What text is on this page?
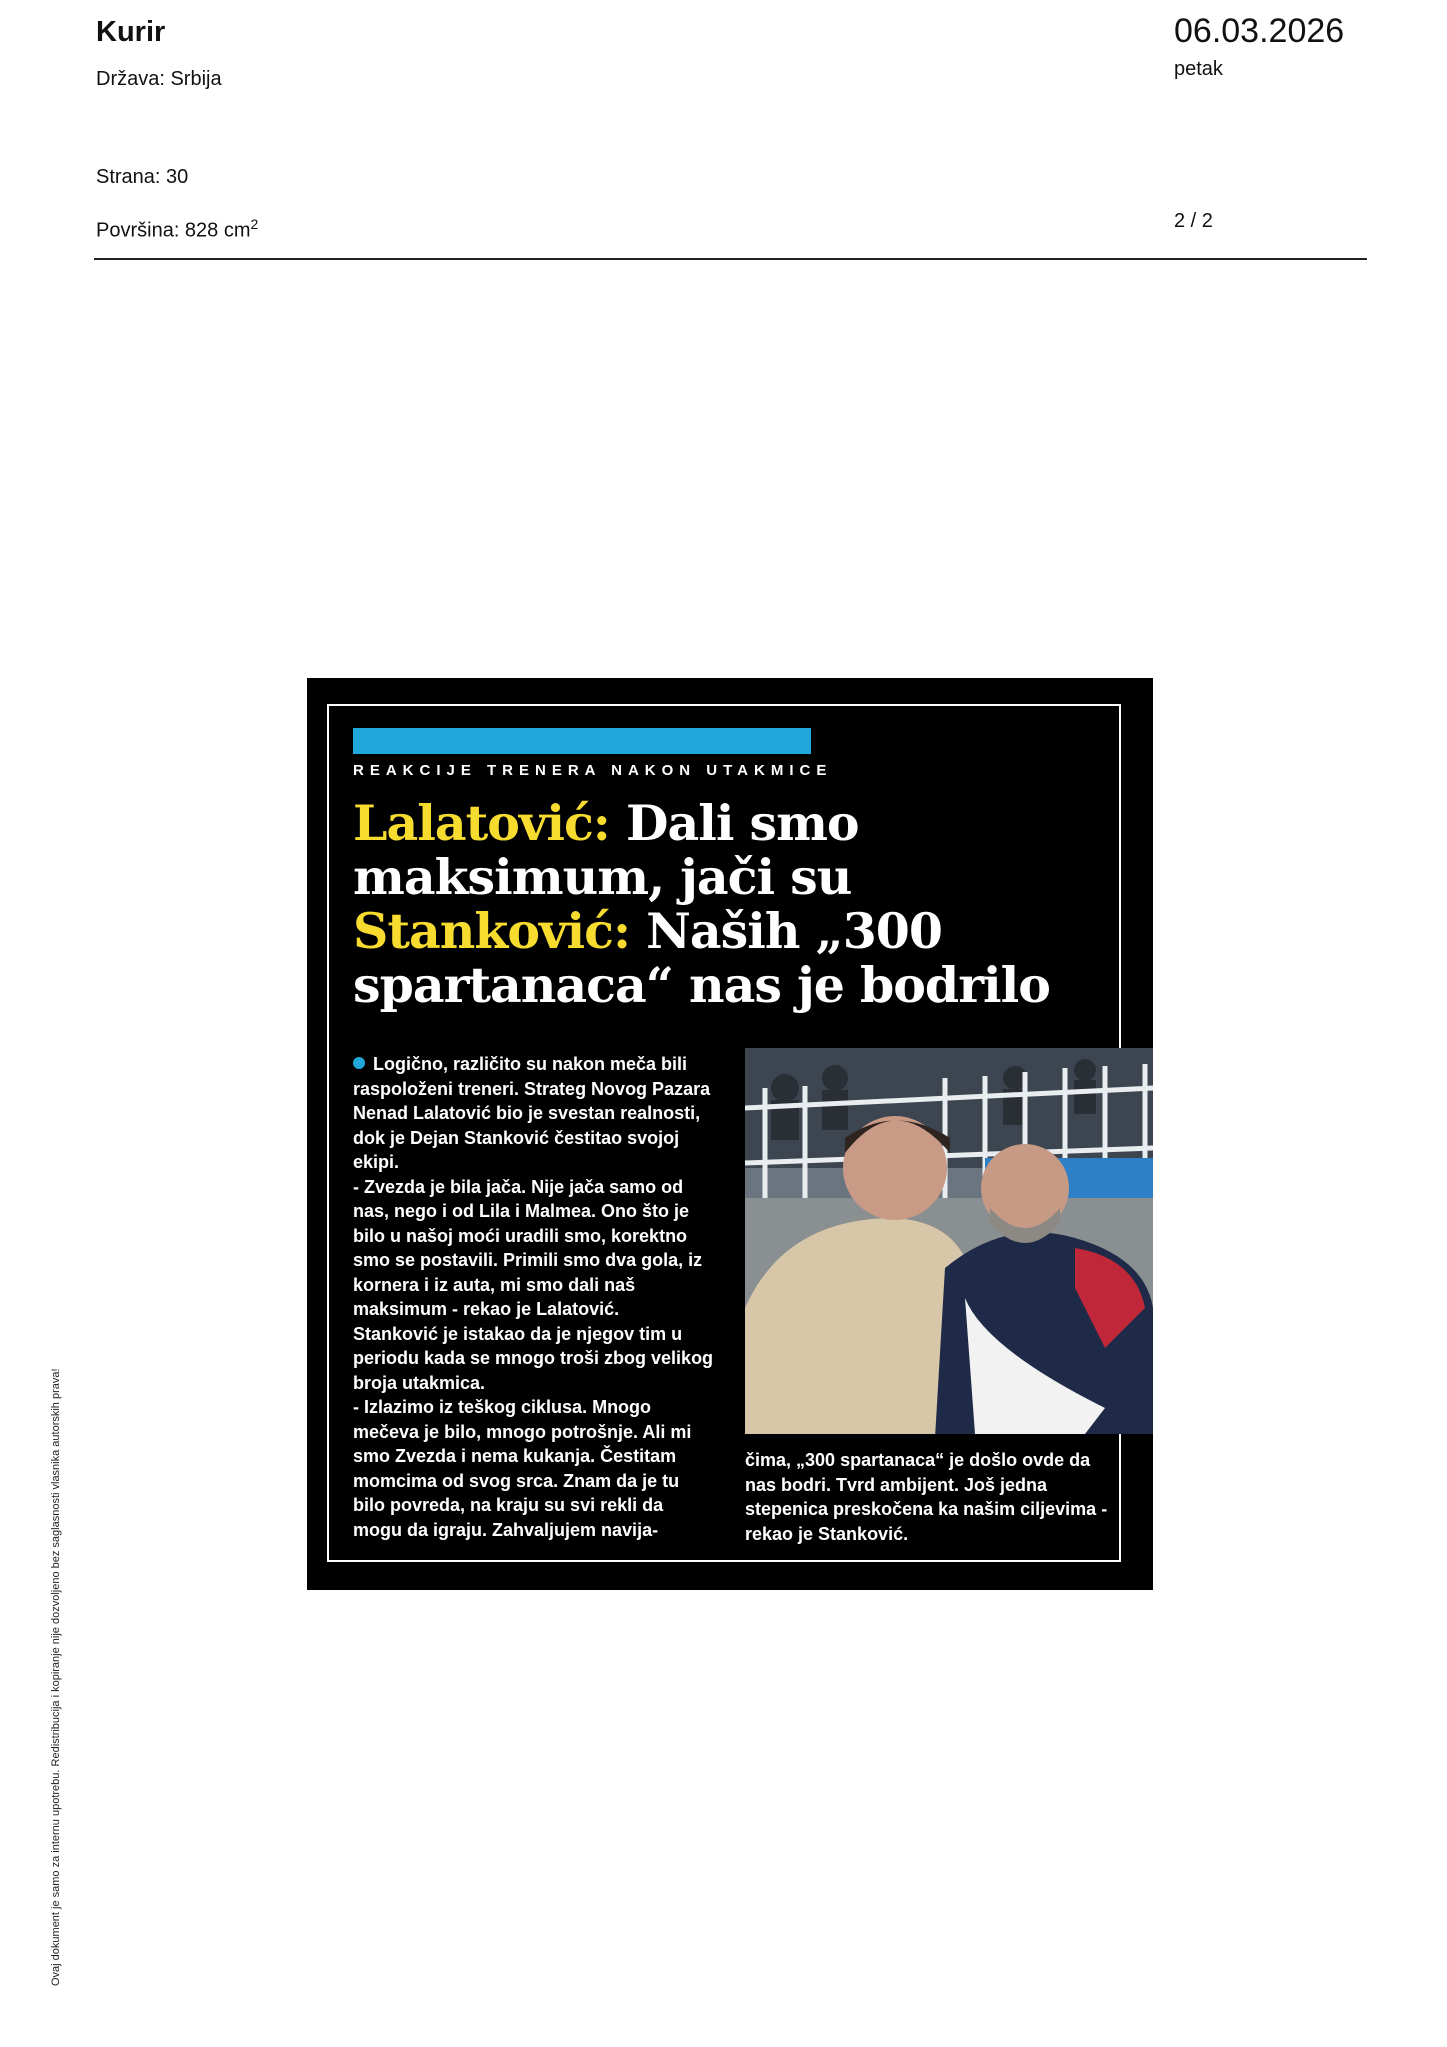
Kurir
Država: Srbija
06.03.2026
petak
Strana: 30
Površina: 828 $cm^2$	2 / 2
Ovaj dokument je samo za internu upotrebu. Redistribucija i kopiranje nije dozvoljeno bez saglasnosti vlasnika autorskih prava!
REAKCIJE TRENERA NAKON UTAKMICE
Lalatović: Dali smo maksimum, jači su Stanković: Naših „300 spartanaca“ nas je bodrilo

Logično, različito su nakon meča bili raspoloženi treneri. Strateg Novog Pazara Nenad Lalatović bio je svestan realnosti, dok je Dejan Stanković čestitao svojoj ekipi.

- Zvezda je bila jača. Nije jača samo od nas, nego i od Lila i Malmea. Ono što je bilo u našoj moći uradili smo, korektno smo se postavili. Primili smo dva gola, iz kornera i iz auta, mi smo dali naš maksimum - rekao je Lalatović.

Stanković je istakao da je njegov tim u periodu kada se mnogo troši zbog velikog broja utakmica.

- Izlazimo iz teškog ciklusa. Mnogo mečeva je bilo, mnogo potrošnje. Ali mi smo Zvezda i nema kukanja. Čestitam momcima od svog srca. Znam da je tu bilo povreda, na kraju su svi rekli da mogu da igraju. Zahvaljujem navija-

čima, „300 spartanaca“ je došlo ovde da nas bodri. Tvrd ambijent. Još jedna stepenica preskočena ka našim ciljevima - rekao je Stanković.
